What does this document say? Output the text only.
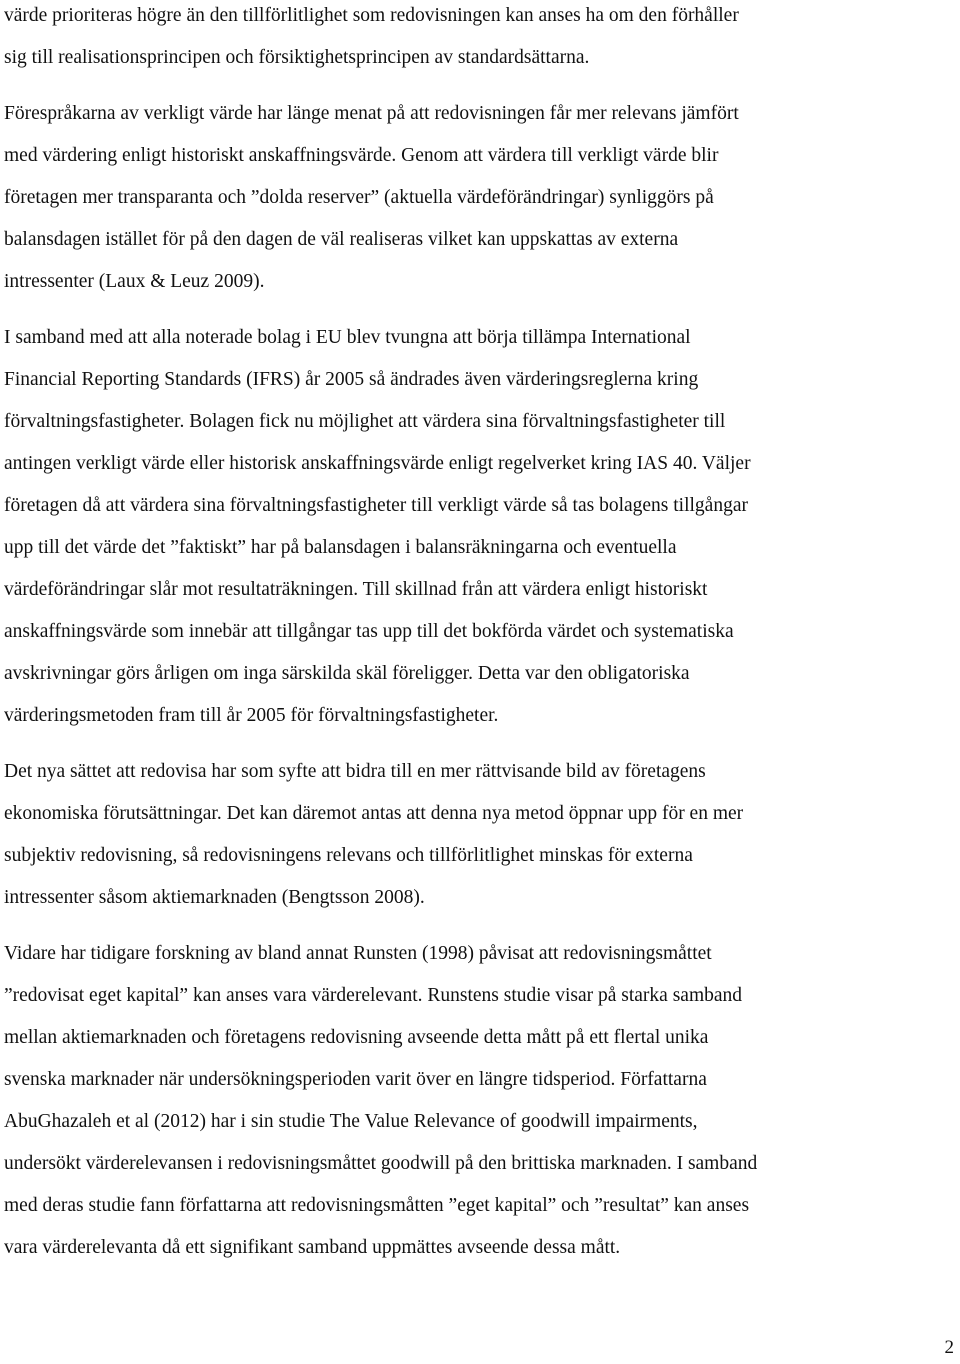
värde prioriteras högre än den tillförlitlighet som redovisningen kan anses ha om den förhåller
sig till realisationsprincipen och försiktighetsprincipen av standardsättarna.

Förespråkarna av verkligt värde har länge menat på att redovisningen får mer relevans jämfört
med värdering enligt historiskt anskaffningsvärde. Genom att värdera till verkligt värde blir
företagen mer transparanta och ”dolda reserver” (aktuella värdeförändringar) synliggörs på
balansdagen istället för på den dagen de väl realiseras vilket kan uppskattas av externa
intressenter (Laux & Leuz 2009).

I samband med att alla noterade bolag i EU blev tvungna att börja tillämpa International
Financial Reporting Standards (IFRS) år 2005 så ändrades även värderingsreglerna kring
förvaltningsfastigheter. Bolagen fick nu möjlighet att värdera sina förvaltningsfastigheter till
antingen verkligt värde eller historisk anskaffningsvärde enligt regelverket kring IAS 40. Väljer
företagen då att värdera sina förvaltningsfastigheter till verkligt värde så tas bolagens tillgångar
upp till det värde det ”faktiskt” har på balansdagen i balansräkningarna och eventuella
värdeförändringar slår mot resultaträkningen. Till skillnad från att värdera enligt historiskt
anskaffningsvärde som innebär att tillgångar tas upp till det bokförda värdet och systematiska
avskrivningar görs årligen om inga särskilda skäl föreligger. Detta var den obligatoriska
värderingsmetoden fram till år 2005 för förvaltningsfastigheter.

Det nya sättet att redovisa har som syfte att bidra till en mer rättvisande bild av företagens
ekonomiska förutsättningar. Det kan däremot antas att denna nya metod öppnar upp för en mer
subjektiv redovisning, så redovisningens relevans och tillförlitlighet minskas för externa
intressenter såsom aktiemarknaden (Bengtsson 2008).

Vidare har tidigare forskning av bland annat Runsten (1998) påvisat att redovisningsmåttet
”redovisat eget kapital” kan anses vara värderelevant. Runstens studie visar på starka samband
mellan aktiemarknaden och företagens redovisning avseende detta mått på ett flertal unika
svenska marknader när undersökningsperioden varit över en längre tidsperiod. Författarna
AbuGhazaleh et al (2012) har i sin studie The Value Relevance of goodwill impairments,
undersökt värderelevansen i redovisningsmåttet goodwill på den brittiska marknaden. I samband
med deras studie fann författarna att redovisningsmåtten ”eget kapital” och ”resultat” kan anses
vara värderelevanta då ett signifikant samband uppmättes avseende dessa mått.

2
